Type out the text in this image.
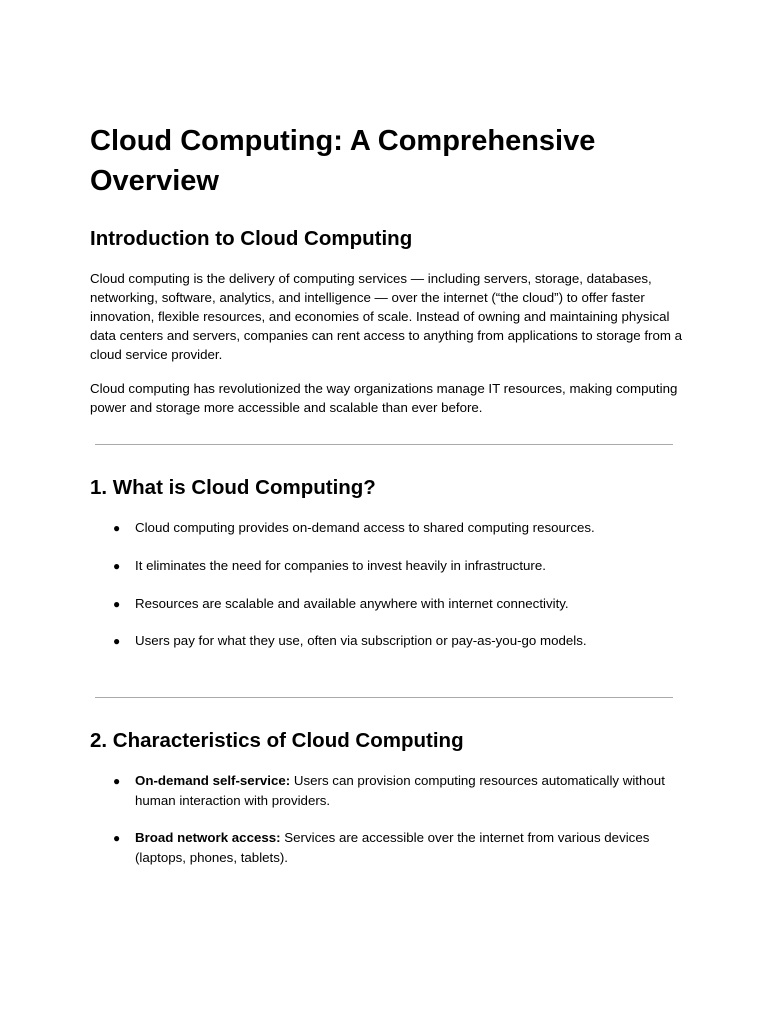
Cloud Computing: A Comprehensive Overview
Introduction to Cloud Computing

Cloud computing is the delivery of computing services — including servers, storage, databases, networking, software, analytics, and intelligence — over the internet (“the cloud”) to offer faster innovation, flexible resources, and economies of scale. Instead of owning and maintaining physical data centers and servers, companies can rent access to anything from applications to storage from a cloud service provider.

Cloud computing has revolutionized the way organizations manage IT resources, making computing power and storage more accessible and scalable than ever before.

1. What is Cloud Computing?
● Cloud computing provides on-demand access to shared computing resources.
● It eliminates the need for companies to invest heavily in infrastructure.
● Resources are scalable and available anywhere with internet connectivity.
● Users pay for what they use, often via subscription or pay-as-you-go models.
2. Characteristics of Cloud Computing
● On-demand self-service: Users can provision computing resources automatically without human interaction with providers.
● Broad network access: Services are accessible over the internet from various devices (laptops, phones, tablets).
